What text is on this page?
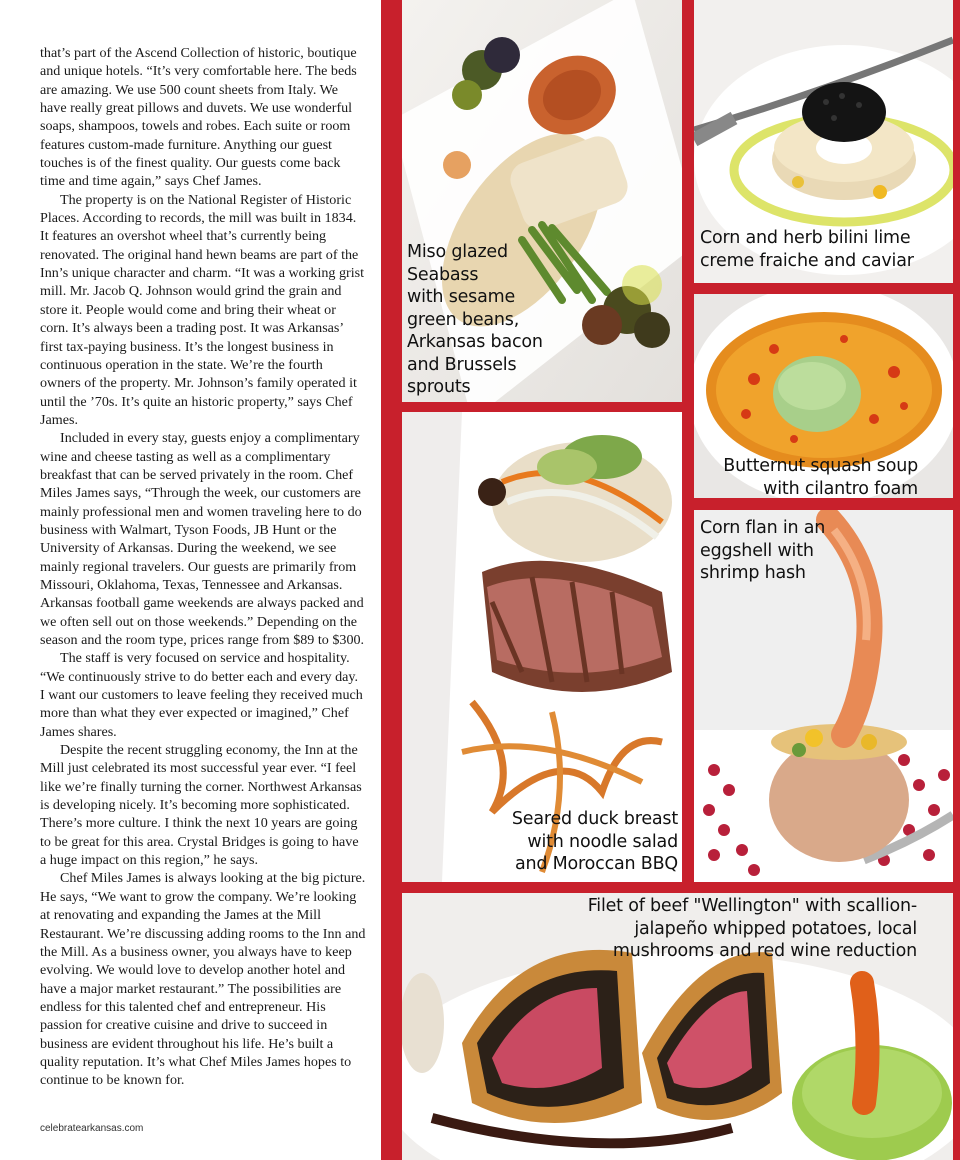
that’s part of the Ascend Collection of historic, boutique and unique hotels. “It’s very comfortable here. The beds are amazing. We use 500 count sheets from Italy. We have really great pillows and duvets. We use wonderful soaps, shampoos, towels and robes. Each suite or room features custom-made furniture. Anything our guest touches is of the finest quality. Our guests come back time and time again,” says Chef James.

The property is on the National Register of Historic Places. According to records, the mill was built in 1834. It features an overshot wheel that’s currently being renovated. The original hand hewn beams are part of the Inn’s unique character and charm. “It was a working grist mill. Mr. Jacob Q. Johnson would grind the grain and store it. People would come and bring their wheat or corn. It’s always been a trading post. It was Arkansas’ first tax-paying business. It’s the longest business in continuous operation in the state. We’re the fourth owners of the property. Mr. Johnson’s family operated it until the ’70s. It’s quite an historic property,” says Chef James.

Included in every stay, guests enjoy a complimentary wine and cheese tasting as well as a complimentary breakfast that can be served privately in the room. Chef Miles James says, “Through the week, our customers are mainly professional men and women traveling here to do business with Walmart, Tyson Foods, JB Hunt or the University of Arkansas. During the weekend, we see mainly regional travelers. Our guests are primarily from Missouri, Oklahoma, Texas, Tennessee and Arkansas. Arkansas football game weekends are always packed and we often sell out on those weekends.” Depending on the season and the room type, prices range from $89 to $300.

The staff is very focused on service and hospitality. “We continuously strive to do better each and every day. I want our customers to leave feeling they received much more than what they ever expected or imagined,” Chef James shares.

Despite the recent struggling economy, the Inn at the Mill just celebrated its most successful year ever. “I feel like we’re finally turning the corner. Northwest Arkansas is developing nicely. It’s becoming more sophisticated. There’s more culture. I think the next 10 years are going to be great for this area. Crystal Bridges is going to have a huge impact on this region,” he says.

Chef Miles James is always looking at the big picture. He says, “We want to grow the company. We’re looking at renovating and expanding the James at the Mill Restaurant. We’re discussing adding rooms to the Inn and the Mill. As a business owner, you always have to keep evolving. We would love to develop another hotel and have a major market restaurant.” The possibilities are endless for this talented chef and entrepreneur. His passion for creative cuisine and drive to succeed in business are evident throughout his life. He’s built a quality reputation. It’s what Chef Miles James hopes to continue to be known for.

celebratearkansas.com
Miso glazed
Seabass
with sesame
green beans,
Arkansas bacon
and Brussels
sprouts
Corn and herb bilini lime
creme fraiche and caviar
Butternut squash soup
with cilantro foam
Seared duck breast
with noodle salad
and Moroccan BBQ
Corn flan in an
eggshell with
shrimp hash
Filet of beef "Wellington" with scallion-
jalapeño whipped potatoes, local
mushrooms and red wine reduction
